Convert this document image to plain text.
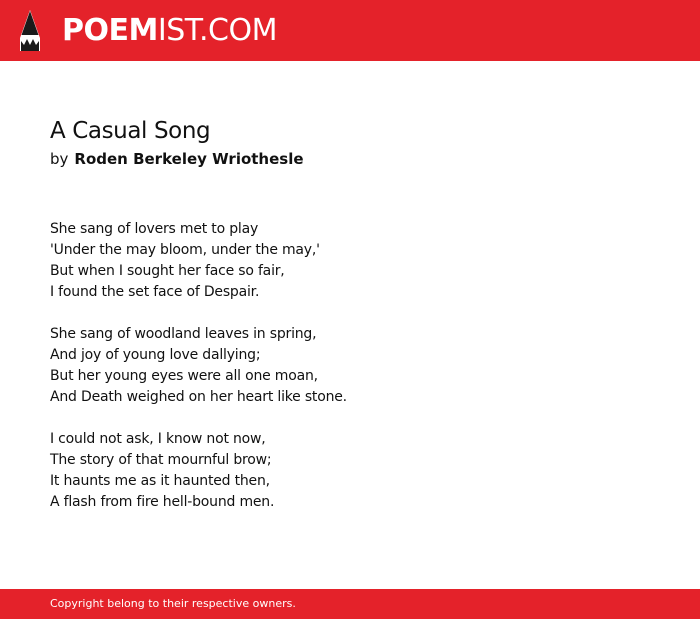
POEMIST.COM
A Casual Song
by Roden Berkeley Wriothesle
She sang of lovers met to play
'Under the may bloom, under the may,'
But when I sought her face so fair,
I found the set face of Despair.
She sang of woodland leaves in spring,
And joy of young love dallying;
But her young eyes were all one moan,
And Death weighed on her heart like stone.
I could not ask, I know not now,
The story of that mournful brow;
It haunts me as it haunted then,
A flash from fire hell-bound men.
Copyright belong to their respective owners.
